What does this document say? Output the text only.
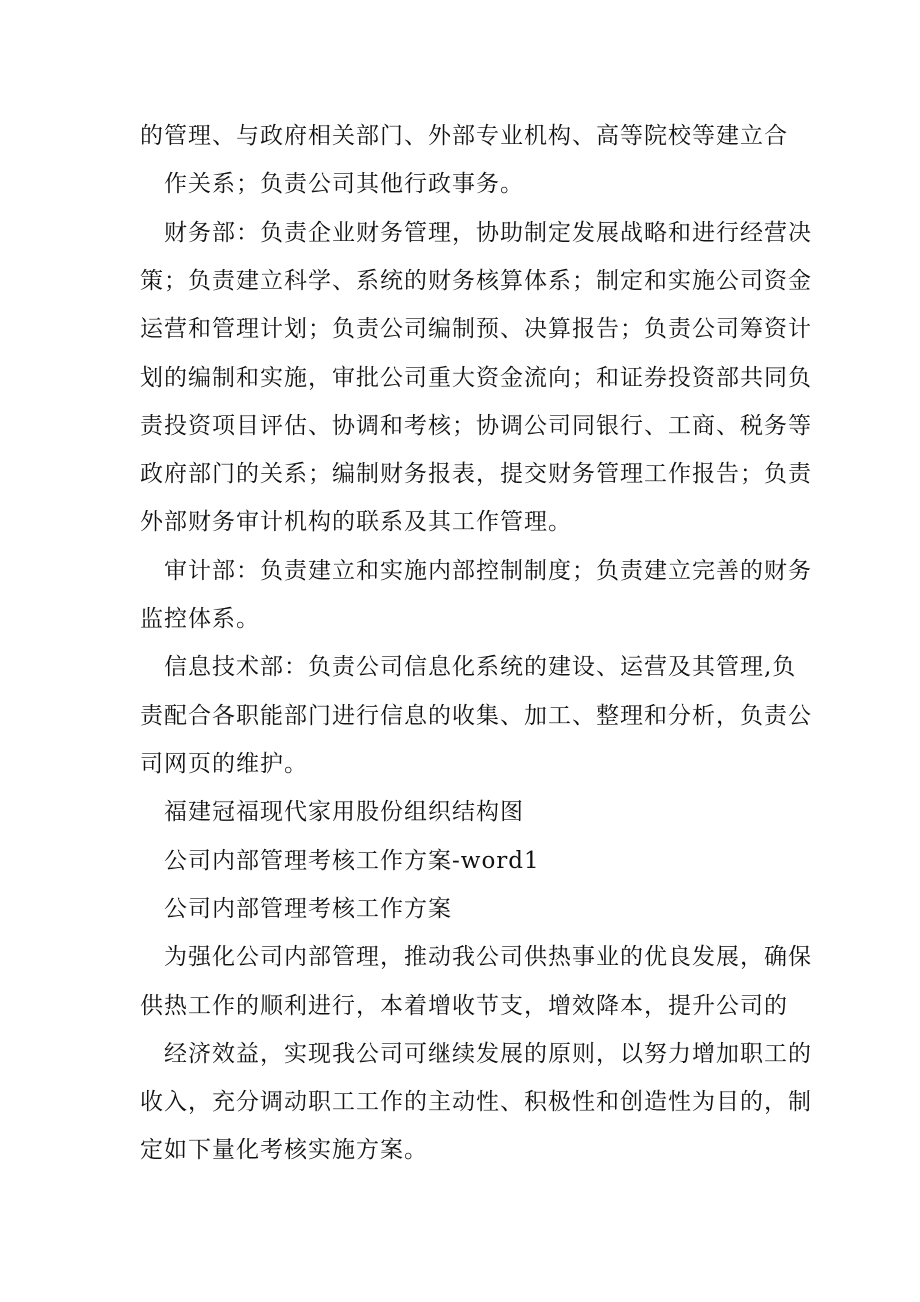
的管理、与政府相关部门、外部专业机构、高等院校等建立合
作关系；负责公司其他行政事务。
财务部：负责企业财务管理，协助制定发展战略和进行经营决
策；负责建立科学、系统的财务核算体系；制定和实施公司资金
运营和管理计划；负责公司编制预、决算报告；负责公司筹资计
划的编制和实施，审批公司重大资金流向；和证券投资部共同负
责投资项目评估、协调和考核；协调公司同银行、工商、税务等
政府部门的关系；编制财务报表，提交财务管理工作报告；负责
外部财务审计机构的联系及其工作管理。
审计部：负责建立和实施内部控制制度；负责建立完善的财务
监控体系。
信息技术部：负责公司信息化系统的建设、运营及其管理,负
责配合各职能部门进行信息的收集、加工、整理和分析，负责公
司网页的维护。
福建冠福现代家用股份组织结构图
公司内部管理考核工作方案-word1
公司内部管理考核工作方案
为强化公司内部管理，推动我公司供热事业的优良发展，确保
供热工作的顺利进行，本着增收节支，增效降本，提升公司的
经济效益，实现我公司可继续发展的原则，以努力增加职工的
收入，充分调动职工工作的主动性、积极性和创造性为目的，制
定如下量化考核实施方案。
